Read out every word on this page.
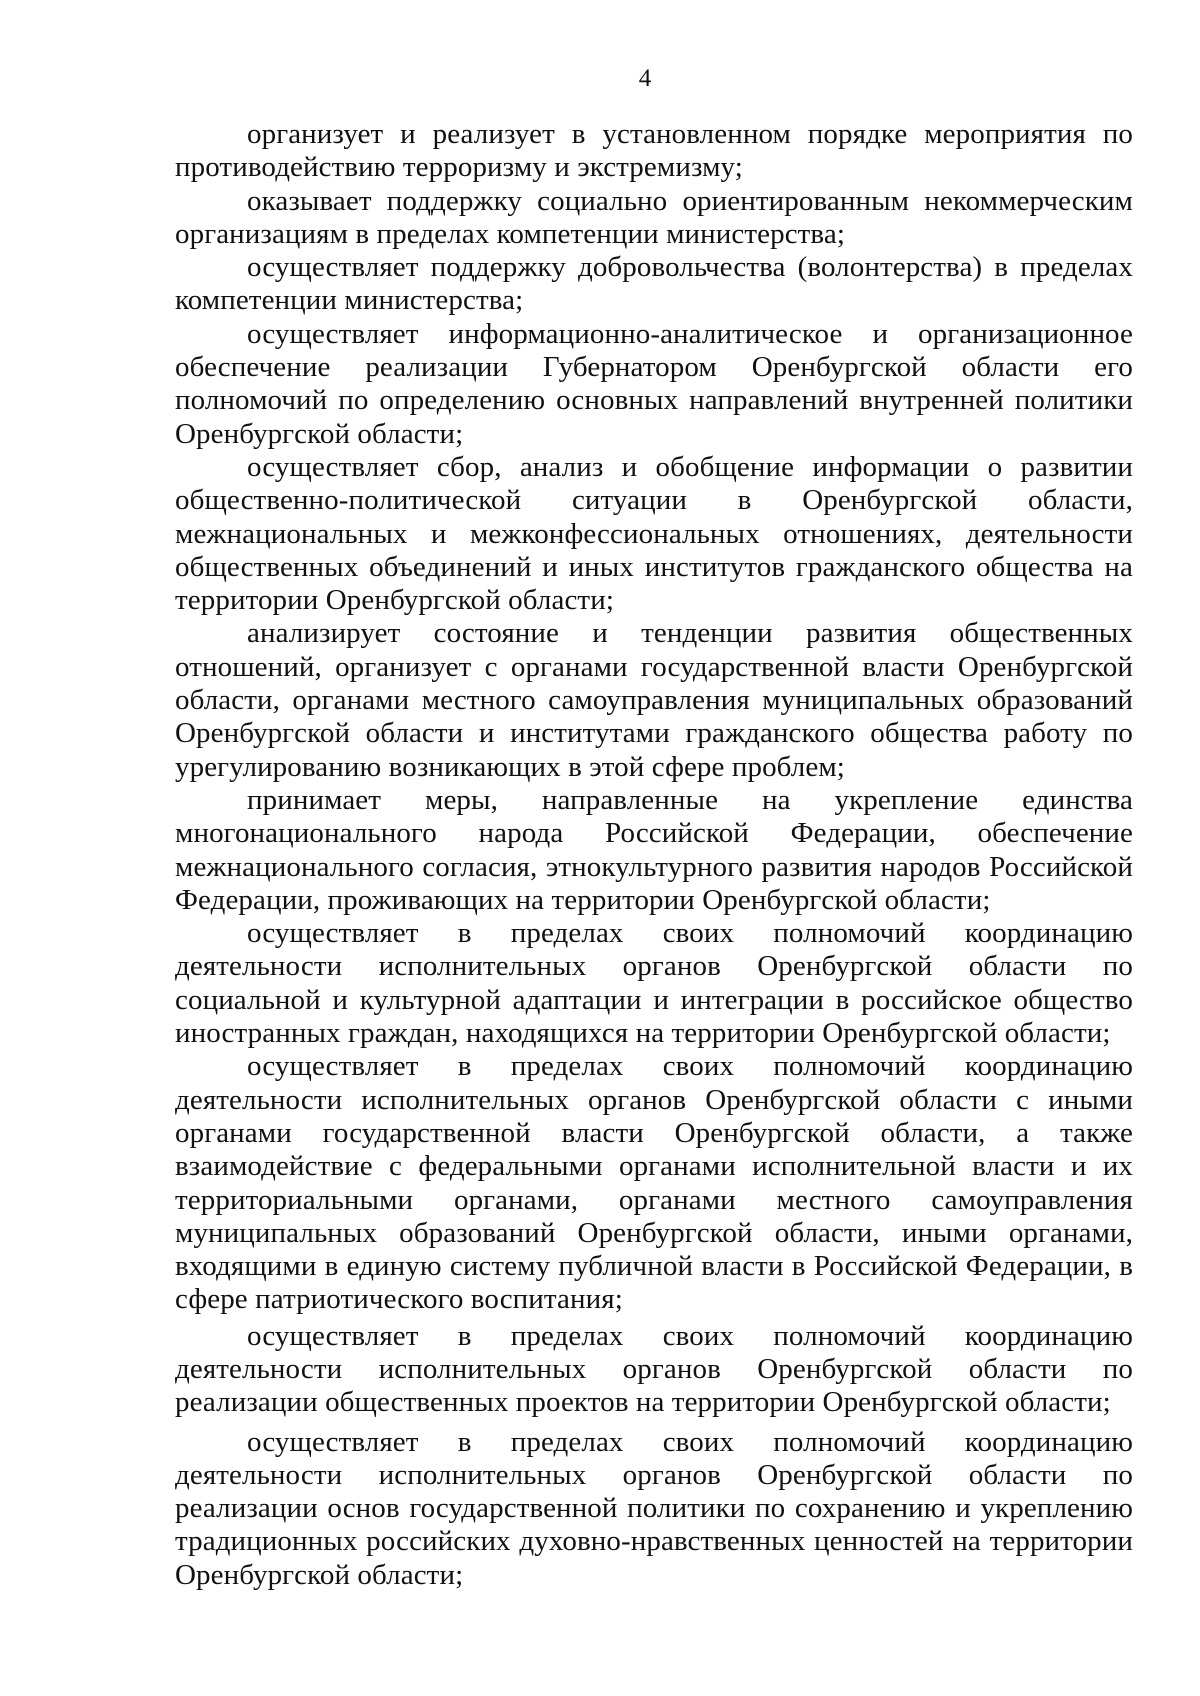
4

организует и реализует в установленном порядке мероприятия по противодействию терроризму и экстремизму;

оказывает поддержку социально ориентированным некоммерческим организациям в пределах компетенции министерства;

осуществляет поддержку добровольчества (волонтерства) в пределах компетенции министерства;

осуществляет информационно-аналитическое и организационное обеспечение реализации Губернатором Оренбургской области его полномочий по определению основных направлений внутренней политики Оренбургской области;

осуществляет сбор, анализ и обобщение информации о развитии общественно-политической ситуации в Оренбургской области, межнациональных и межконфессиональных отношениях, деятельности общественных объединений и иных институтов гражданского общества на территории Оренбургской области;

анализирует состояние и тенденции развития общественных отношений, организует с органами государственной власти Оренбургской области, органами местного самоуправления муниципальных образований Оренбургской области и институтами гражданского общества работу по урегулированию возникающих в этой сфере проблем;

принимает меры, направленные на укрепление единства многонационального народа Российской Федерации, обеспечение межнационального согласия, этнокультурного развития народов Российской Федерации, проживающих на территории Оренбургской области;

осуществляет в пределах своих полномочий координацию деятельности исполнительных органов Оренбургской области по социальной и культурной адаптации и интеграции в российское общество иностранных граждан, находящихся на территории Оренбургской области;

осуществляет в пределах своих полномочий координацию деятельности исполнительных органов Оренбургской области с иными органами государственной власти Оренбургской области, а также взаимодействие с федеральными органами исполнительной власти и их территориальными органами, органами местного самоуправления муниципальных образований Оренбургской области, иными органами, входящими в единую систему публичной власти в Российской Федерации, в сфере патриотического воспитания;

осуществляет в пределах своих полномочий координацию деятельности исполнительных органов Оренбургской области по реализации общественных проектов на территории Оренбургской области;

осуществляет в пределах своих полномочий координацию деятельности исполнительных органов Оренбургской области по реализации основ государственной политики по сохранению и укреплению традиционных российских духовно-нравственных ценностей на территории Оренбургской области;
